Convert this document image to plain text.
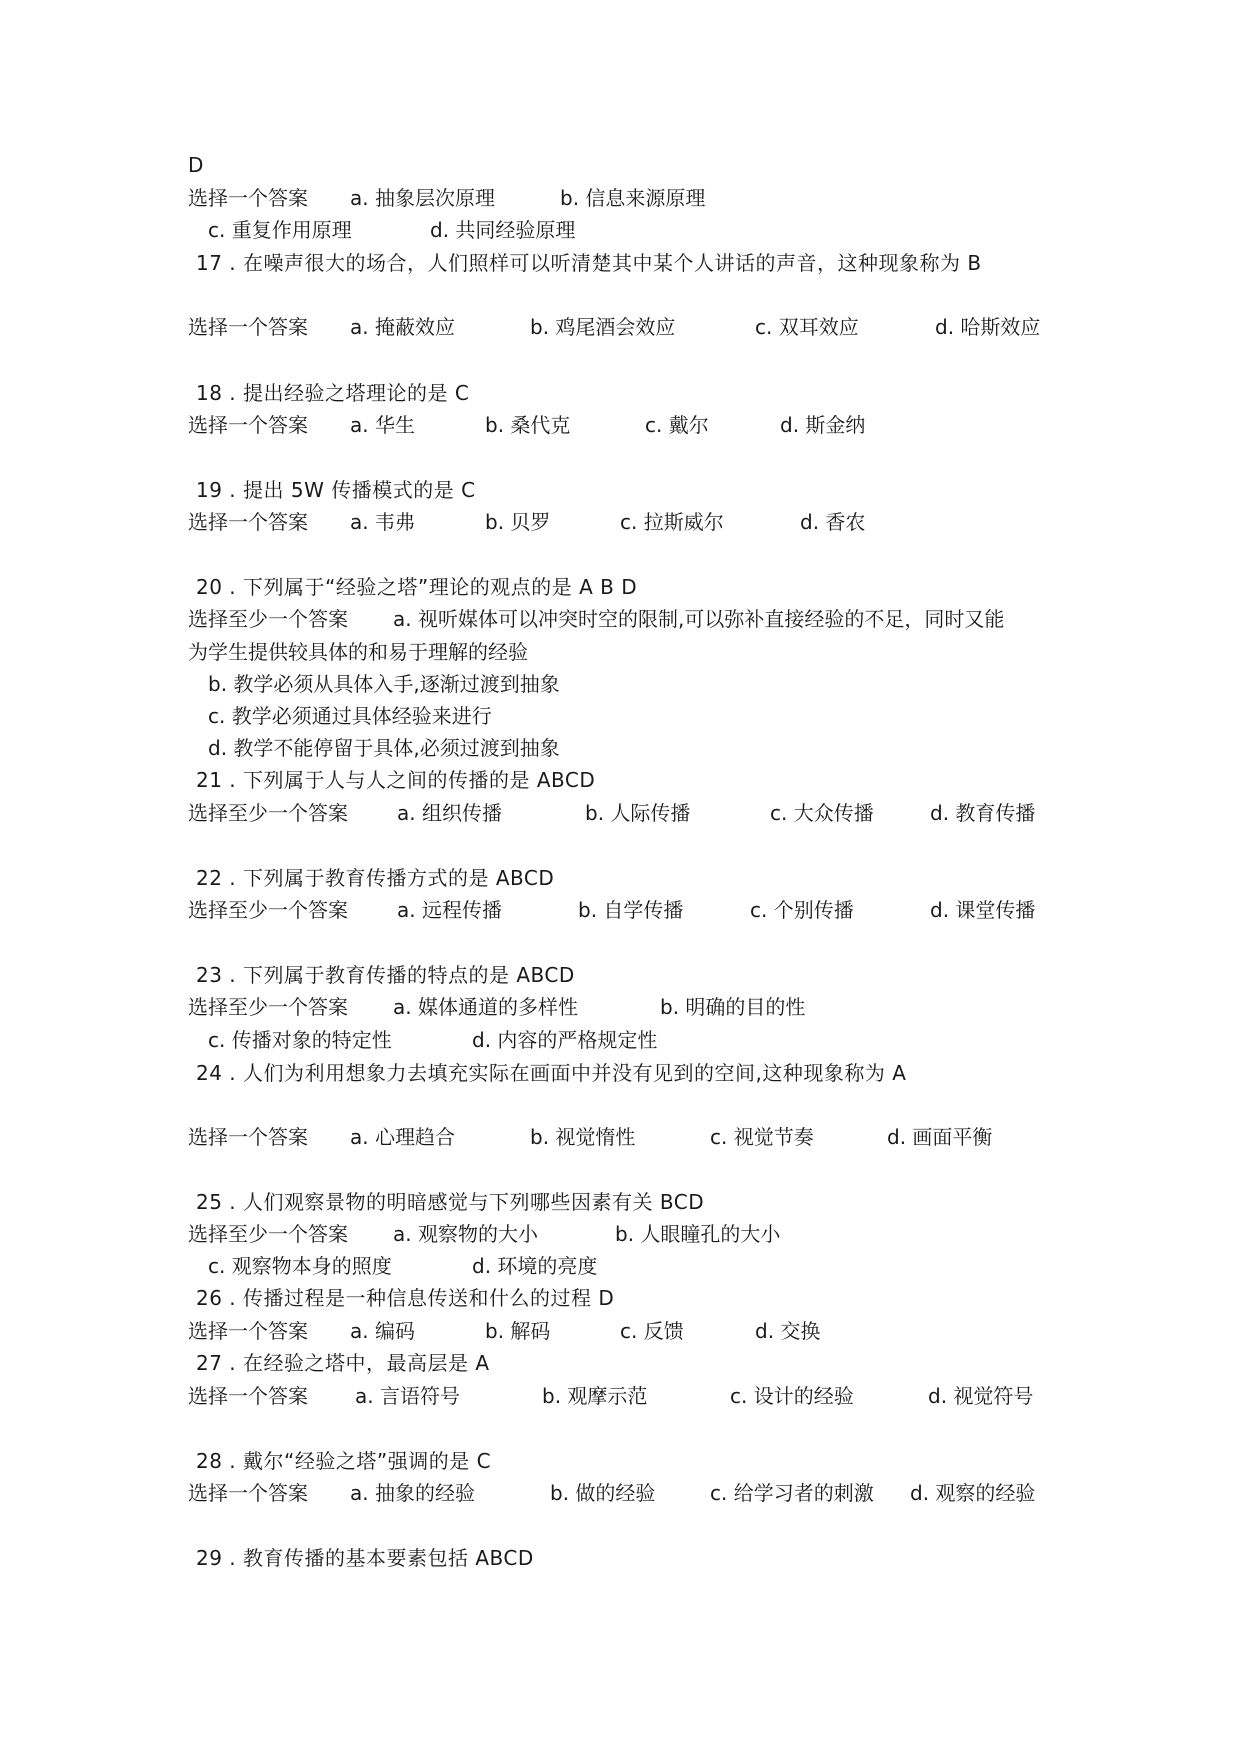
D
选择一个答案 a. 抽象层次原理	b. 信息来源原理
c. 重复作用原理	d. 共同经验原理
17 . 在噪声很大的场合，人们照样可以听清楚其中某个人讲话的声音，这种现象称为 B
选择一个答案 a. 掩蔽效应	b. 鸡尾酒会效应	c. 双耳效应	d. 哈斯效应
18 . 提出经验之塔理论的是 C
选择一个答案 a. 华生	b. 桑代克	c. 戴尔	d. 斯金纳
19 . 提出 5W 传播模式的是 C
选择一个答案 a. 韦弗	b. 贝罗	c. 拉斯威尔	d. 香农
20 . 下列属于“经验之塔”理论的观点的是 A B D
选择至少一个答案 a. 视听媒体可以冲突时空的限制,可以弥补直接经验的不足，同时又能
为学生提供较具体的和易于理解的经验
b. 教学必须从具体入手,逐渐过渡到抽象
c. 教学必须通过具体经验来进行
d. 教学不能停留于具体,必须过渡到抽象
21 . 下列属于人与人之间的传播的是 ABCD
选择至少一个答案 a. 组织传播	b. 人际传播	c. 大众传播	d. 教育传播
22 . 下列属于教育传播方式的是 ABCD
选择至少一个答案 a. 远程传播	b. 自学传播	c. 个别传播	d. 课堂传播
23 . 下列属于教育传播的特点的是 ABCD
选择至少一个答案 a. 媒体通道的多样性	b. 明确的目的性
c. 传播对象的特定性	d. 内容的严格规定性
24 . 人们为利用想象力去填充实际在画面中并没有见到的空间,这种现象称为 A
选择一个答案 a. 心理趋合	b. 视觉惰性	c. 视觉节奏	d. 画面平衡
25 . 人们观察景物的明暗感觉与下列哪些因素有关 BCD
选择至少一个答案 a. 观察物的大小	b. 人眼瞳孔的大小
c. 观察物本身的照度	d. 环境的亮度
26 . 传播过程是一种信息传送和什么的过程 D
选择一个答案 a. 编码	b. 解码	c. 反馈	d. 交换
27 . 在经验之塔中，最高层是 A
选择一个答案 a. 言语符号	b. 观摩示范	c. 设计的经验	d. 视觉符号
28 . 戴尔“经验之塔”强调的是 C
选择一个答案 a. 抽象的经验	b. 做的经验	c. 给学习者的刺激 d. 观察的经验
29 . 教育传播的基本要素包括 ABCD
